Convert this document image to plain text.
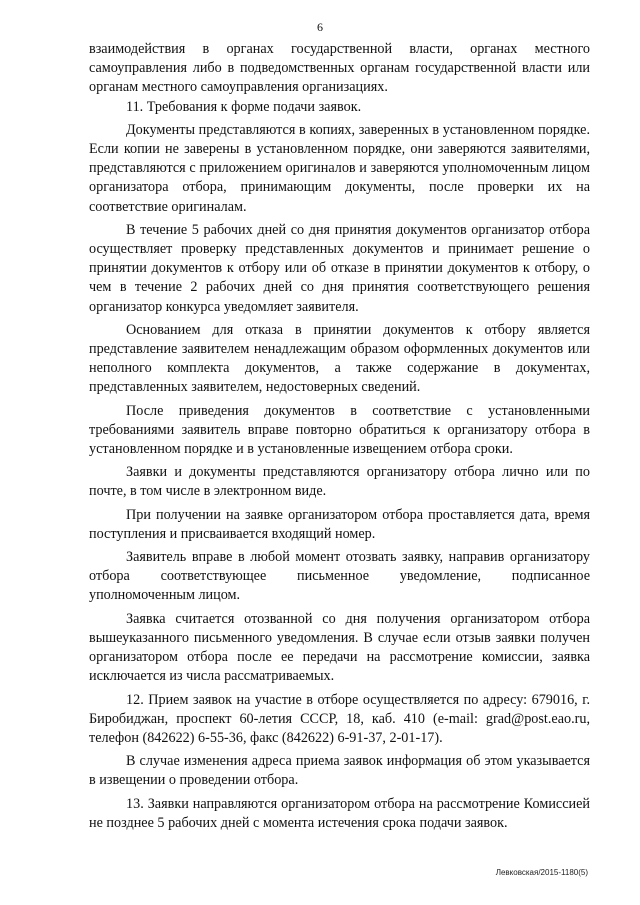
6

взаимодействия в органах государственной власти, органах местного самоуправления либо в подведомственных органам государственной власти или органам местного самоуправления организациях.

11. Требования к форме подачи заявок.

Документы представляются в копиях, заверенных в установленном порядке. Если копии не заверены в установленном порядке, они заверяются заявителями, представляются с приложением оригиналов и заверяются уполномоченным лицом организатора отбора, принимающим документы, после проверки их на соответствие оригиналам.

В течение 5 рабочих дней со дня принятия документов организатор отбора осуществляет проверку представленных документов и принимает решение о принятии документов к отбору или об отказе в принятии документов к отбору, о чем в течение 2 рабочих дней со дня принятия соответствующего решения организатор конкурса уведомляет заявителя.

Основанием для отказа в принятии документов к отбору является представление заявителем ненадлежащим образом оформленных документов или неполного комплекта документов, а также содержание в документах, представленных заявителем, недостоверных сведений.

После приведения документов в соответствие с установленными требованиями заявитель вправе повторно обратиться к организатору отбора в установленном порядке и в установленные извещением отбора сроки.

Заявки и документы представляются организатору отбора лично или по почте, в том числе в электронном виде.

При получении на заявке организатором отбора проставляется дата, время поступления и присваивается входящий номер.

Заявитель вправе в любой момент отозвать заявку, направив организатору отбора соответствующее письменное уведомление, подписанное уполномоченным лицом.

Заявка считается отозванной со дня получения организатором отбора вышеуказанного письменного уведомления. В случае если отзыв заявки получен организатором отбора после ее передачи на рассмотрение комиссии, заявка исключается из числа рассматриваемых.

12. Прием заявок на участие в отборе осуществляется по адресу: 679016, г. Биробиджан, проспект 60-летия СССР, 18, каб. 410 (e-mail: grad@post.eao.ru, телефон (842622) 6-55-36, факс (842622) 6-91-37, 2-01-17).

В случае изменения адреса приема заявок информация об этом указывается в извещении о проведении отбора.

13. Заявки направляются организатором отбора на рассмотрение Комиссией не позднее 5 рабочих дней с момента истечения срока подачи заявок.

Левковская/2015-1180(5)
